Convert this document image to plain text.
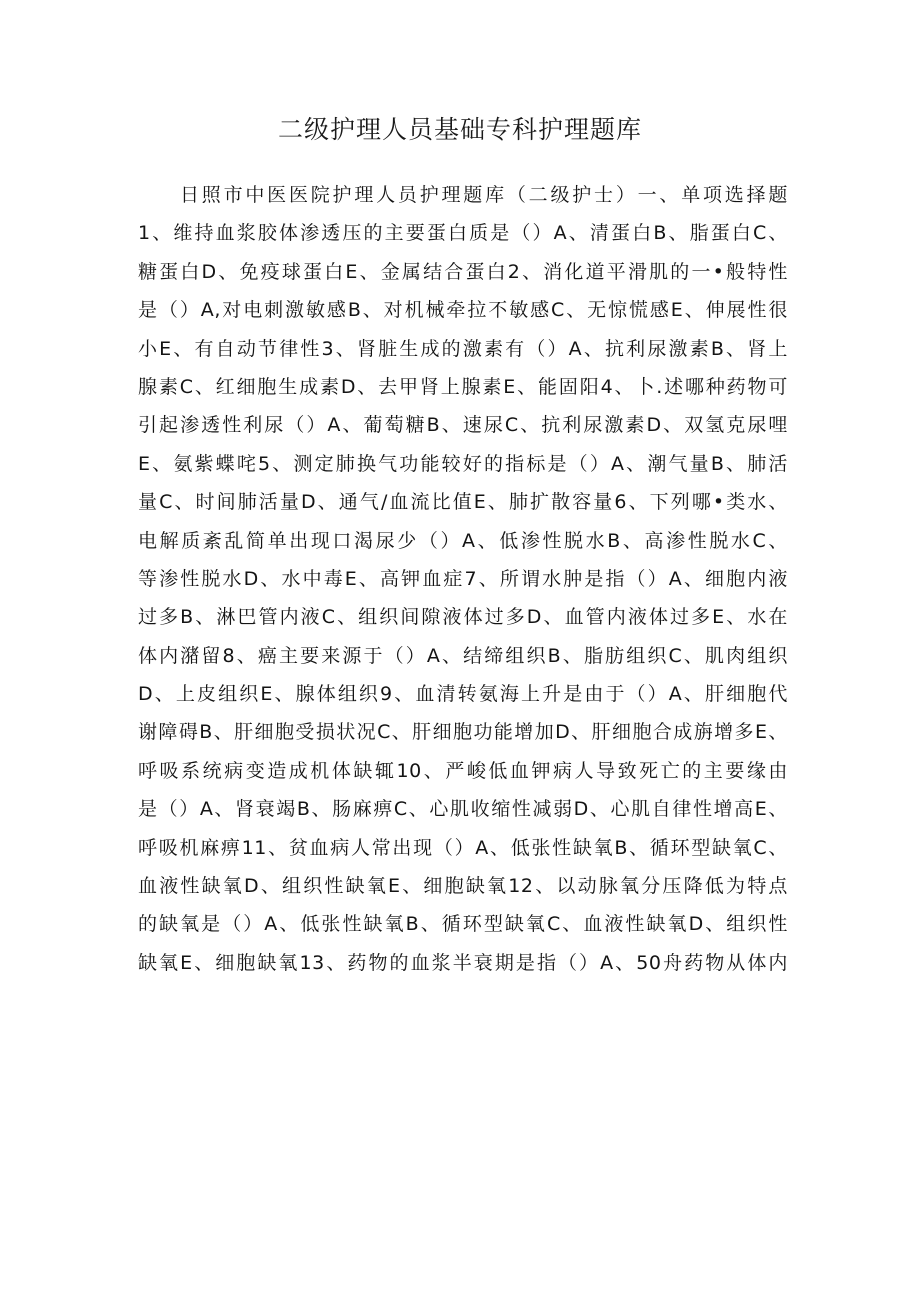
二级护理人员基础专科护理题库
日照市中医医院护理人员护理题库（二级护士）一、单项选择题
1、维持血浆胶体渗透压的主要蛋白质是（）A、清蛋白B、脂蛋白C、
糖蛋白D、免疫球蛋白E、金属结合蛋白2、消化道平滑肌的一•般特性
是（）A,对电刺激敏感B、对机械牵拉不敏感C、无惊慌感E、伸展性很
小E、有自动节律性3、肾脏生成的激素有（）A、抗利尿激素B、肾上
腺素C、红细胞生成素D、去甲肾上腺素E、能固阳4、卜.述哪种药物可
引起渗透性利尿（）A、葡萄糖B、速尿C、抗利尿激素D、双氢克尿哩
E、氨紫蝶咤5、测定肺换气功能较好的指标是（）A、潮气量B、肺活
量C、时间肺活量D、通气/血流比值E、肺扩散容量6、下列哪•类水、
电解质紊乱简单出现口渴尿少（）A、低渗性脱水B、高渗性脱水C、
等渗性脱水D、水中毒E、高钾血症7、所谓水肿是指（）A、细胞内液
过多B、淋巴管内液C、组织间隙液体过多D、血管内液体过多E、水在
体内潴留8、癌主要来源于（）A、结缔组织B、脂肪组织C、肌肉组织
D、上皮组织E、腺体组织9、血清转氨海上升是由于（）A、肝细胞代
谢障碍B、肝细胞受损状况C、肝细胞功能增加D、肝细胞合成旃增多E、
呼吸系统病变造成机体缺辄10、严峻低血钾病人导致死亡的主要缘由
是（）A、肾衰竭B、肠麻痹C、心肌收缩性减弱D、心肌自律性增高E、
呼吸机麻痹11、贫血病人常出现（）A、低张性缺氧B、循环型缺氧C、
血液性缺氧D、组织性缺氧E、细胞缺氧12、以动脉氧分压降低为特点
的缺氧是（）A、低张性缺氧B、循环型缺氧C、血液性缺氧D、组织性
缺氧E、细胞缺氧13、药物的血浆半衰期是指（）A、50舟药物从体内
